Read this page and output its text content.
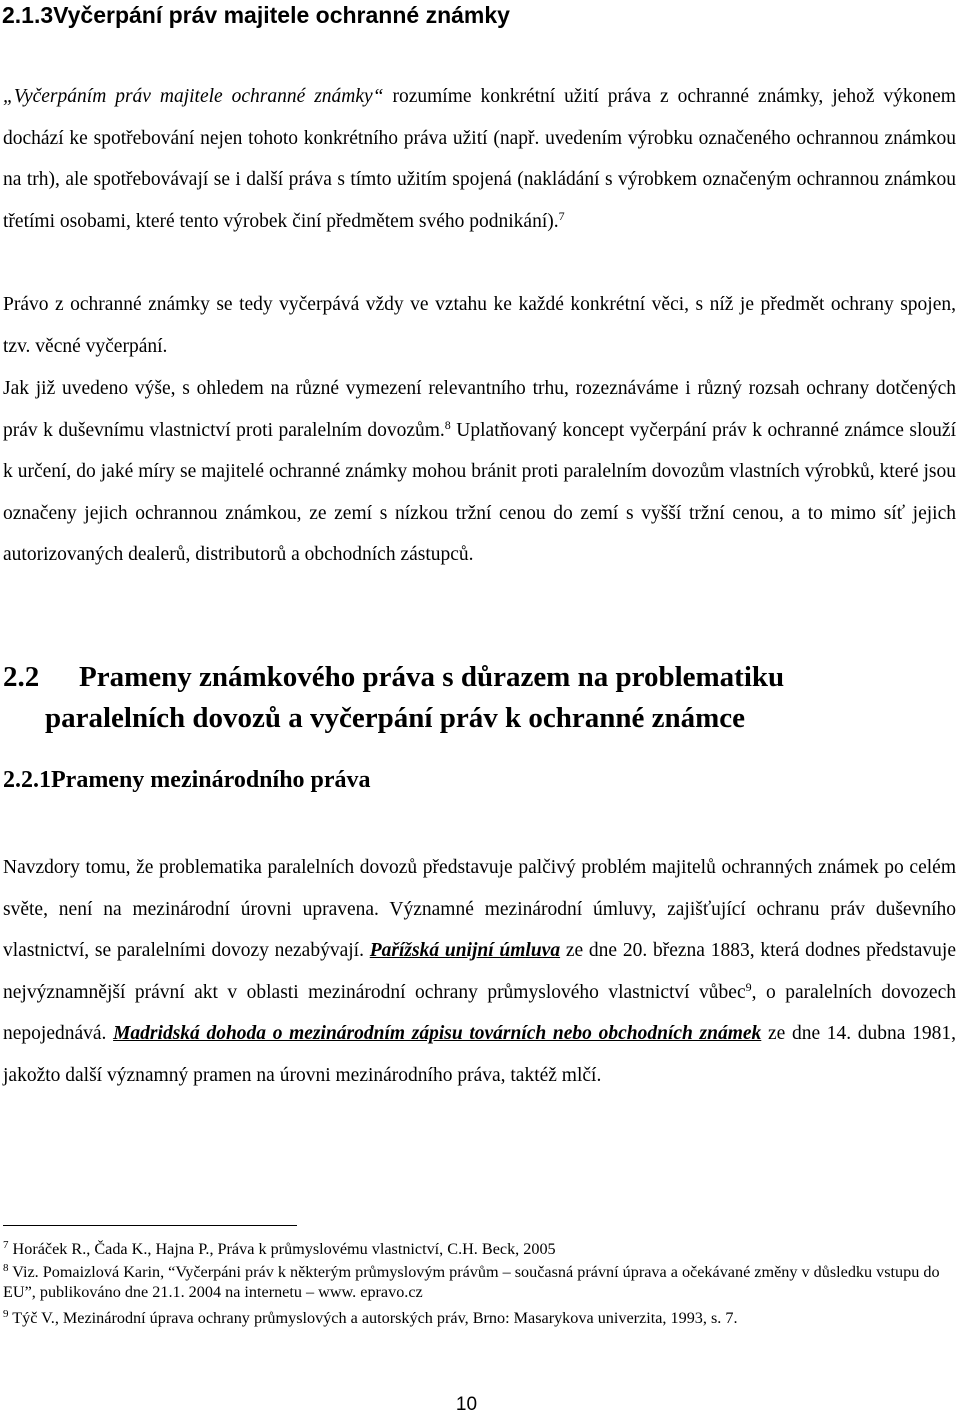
2.1.3Vyčerpání práv majitele ochranné známky

„Vyčerpáním práv majitele ochranné známky“ rozumíme konkrétní užití práva z ochranné známky, jehož výkonem dochází ke spotřebování nejen tohoto konkrétního práva užití (např. uvedením výrobku označeného ochrannou známkou na trh), ale spotřebovávají se i další práva s tímto užitím spojená (nakládání s výrobkem označeným ochrannou známkou třetími osobami, které tento výrobek činí předmětem svého podnikání).$^7$

Právo z ochranné známky se tedy vyčerpává vždy ve vztahu ke každé konkrétní věci, s níž je předmět ochrany spojen, tzv. věcné vyčerpání.

Jak již uvedeno výše, s ohledem na různé vymezení relevantního trhu, rozeznáváme i různý rozsah ochrany dotčených práv k duševnímu vlastnictví proti paralelním dovozům.$^8$ Uplatňovaný koncept vyčerpání práv k ochranné známce slouží k určení, do jaké míry se majitelé ochranné známky mohou bránit proti paralelním dovozům vlastních výrobků, které jsou označeny jejich ochrannou známkou, ze zemí s nízkou tržní cenou do zemí s vyšší tržní cenou, a to mimo síť jejich autorizovaných dealerů, distributorů a obchodních zástupců.

2.2 Prameny známkového práva s důrazem na problematiku
paralelních dovozů a vyčerpání práv k ochranné známce
2.2.1Prameny mezinárodního práva

Navzdory tomu, že problematika paralelních dovozů představuje palčivý problém majitelů ochranných známek po celém světe, není na mezinárodní úrovni upravena. Významné mezinárodní úmluvy, zajišťující ochranu práv duševního vlastnictví, se paralelními dovozy nezabývají. Pařížská unijní úmluva ze dne 20. března 1883, která dodnes představuje nejvýznamnější právní akt v oblasti mezinárodní ochrany průmyslového vlastnictví vůbec$^9$, o paralelních dovozech nepojednává. Madridská dohoda o mezinárodním zápisu továrních nebo obchodních známek ze dne 14. dubna 1981, jakožto další významný pramen na úrovni mezinárodního práva, taktéž mlčí.

$^7$ Horáček R., Čada K., Hajna P., Práva k průmyslovému vlastnictví, C.H. Beck, 2005
$^8$ Viz. Pomaizlová Karin, “Vyčerpáni práv k některým průmyslovým právům – současná právní úprava a očekávané změny v důsledku vstupu do EU”, publikováno dne 21.1. 2004 na internetu – www. epravo.cz
$^9$ Týč V., Mezinárodní úprava ochrany průmyslových a autorských práv, Brno: Masarykova univerzita, 1993, s. 7.
10
